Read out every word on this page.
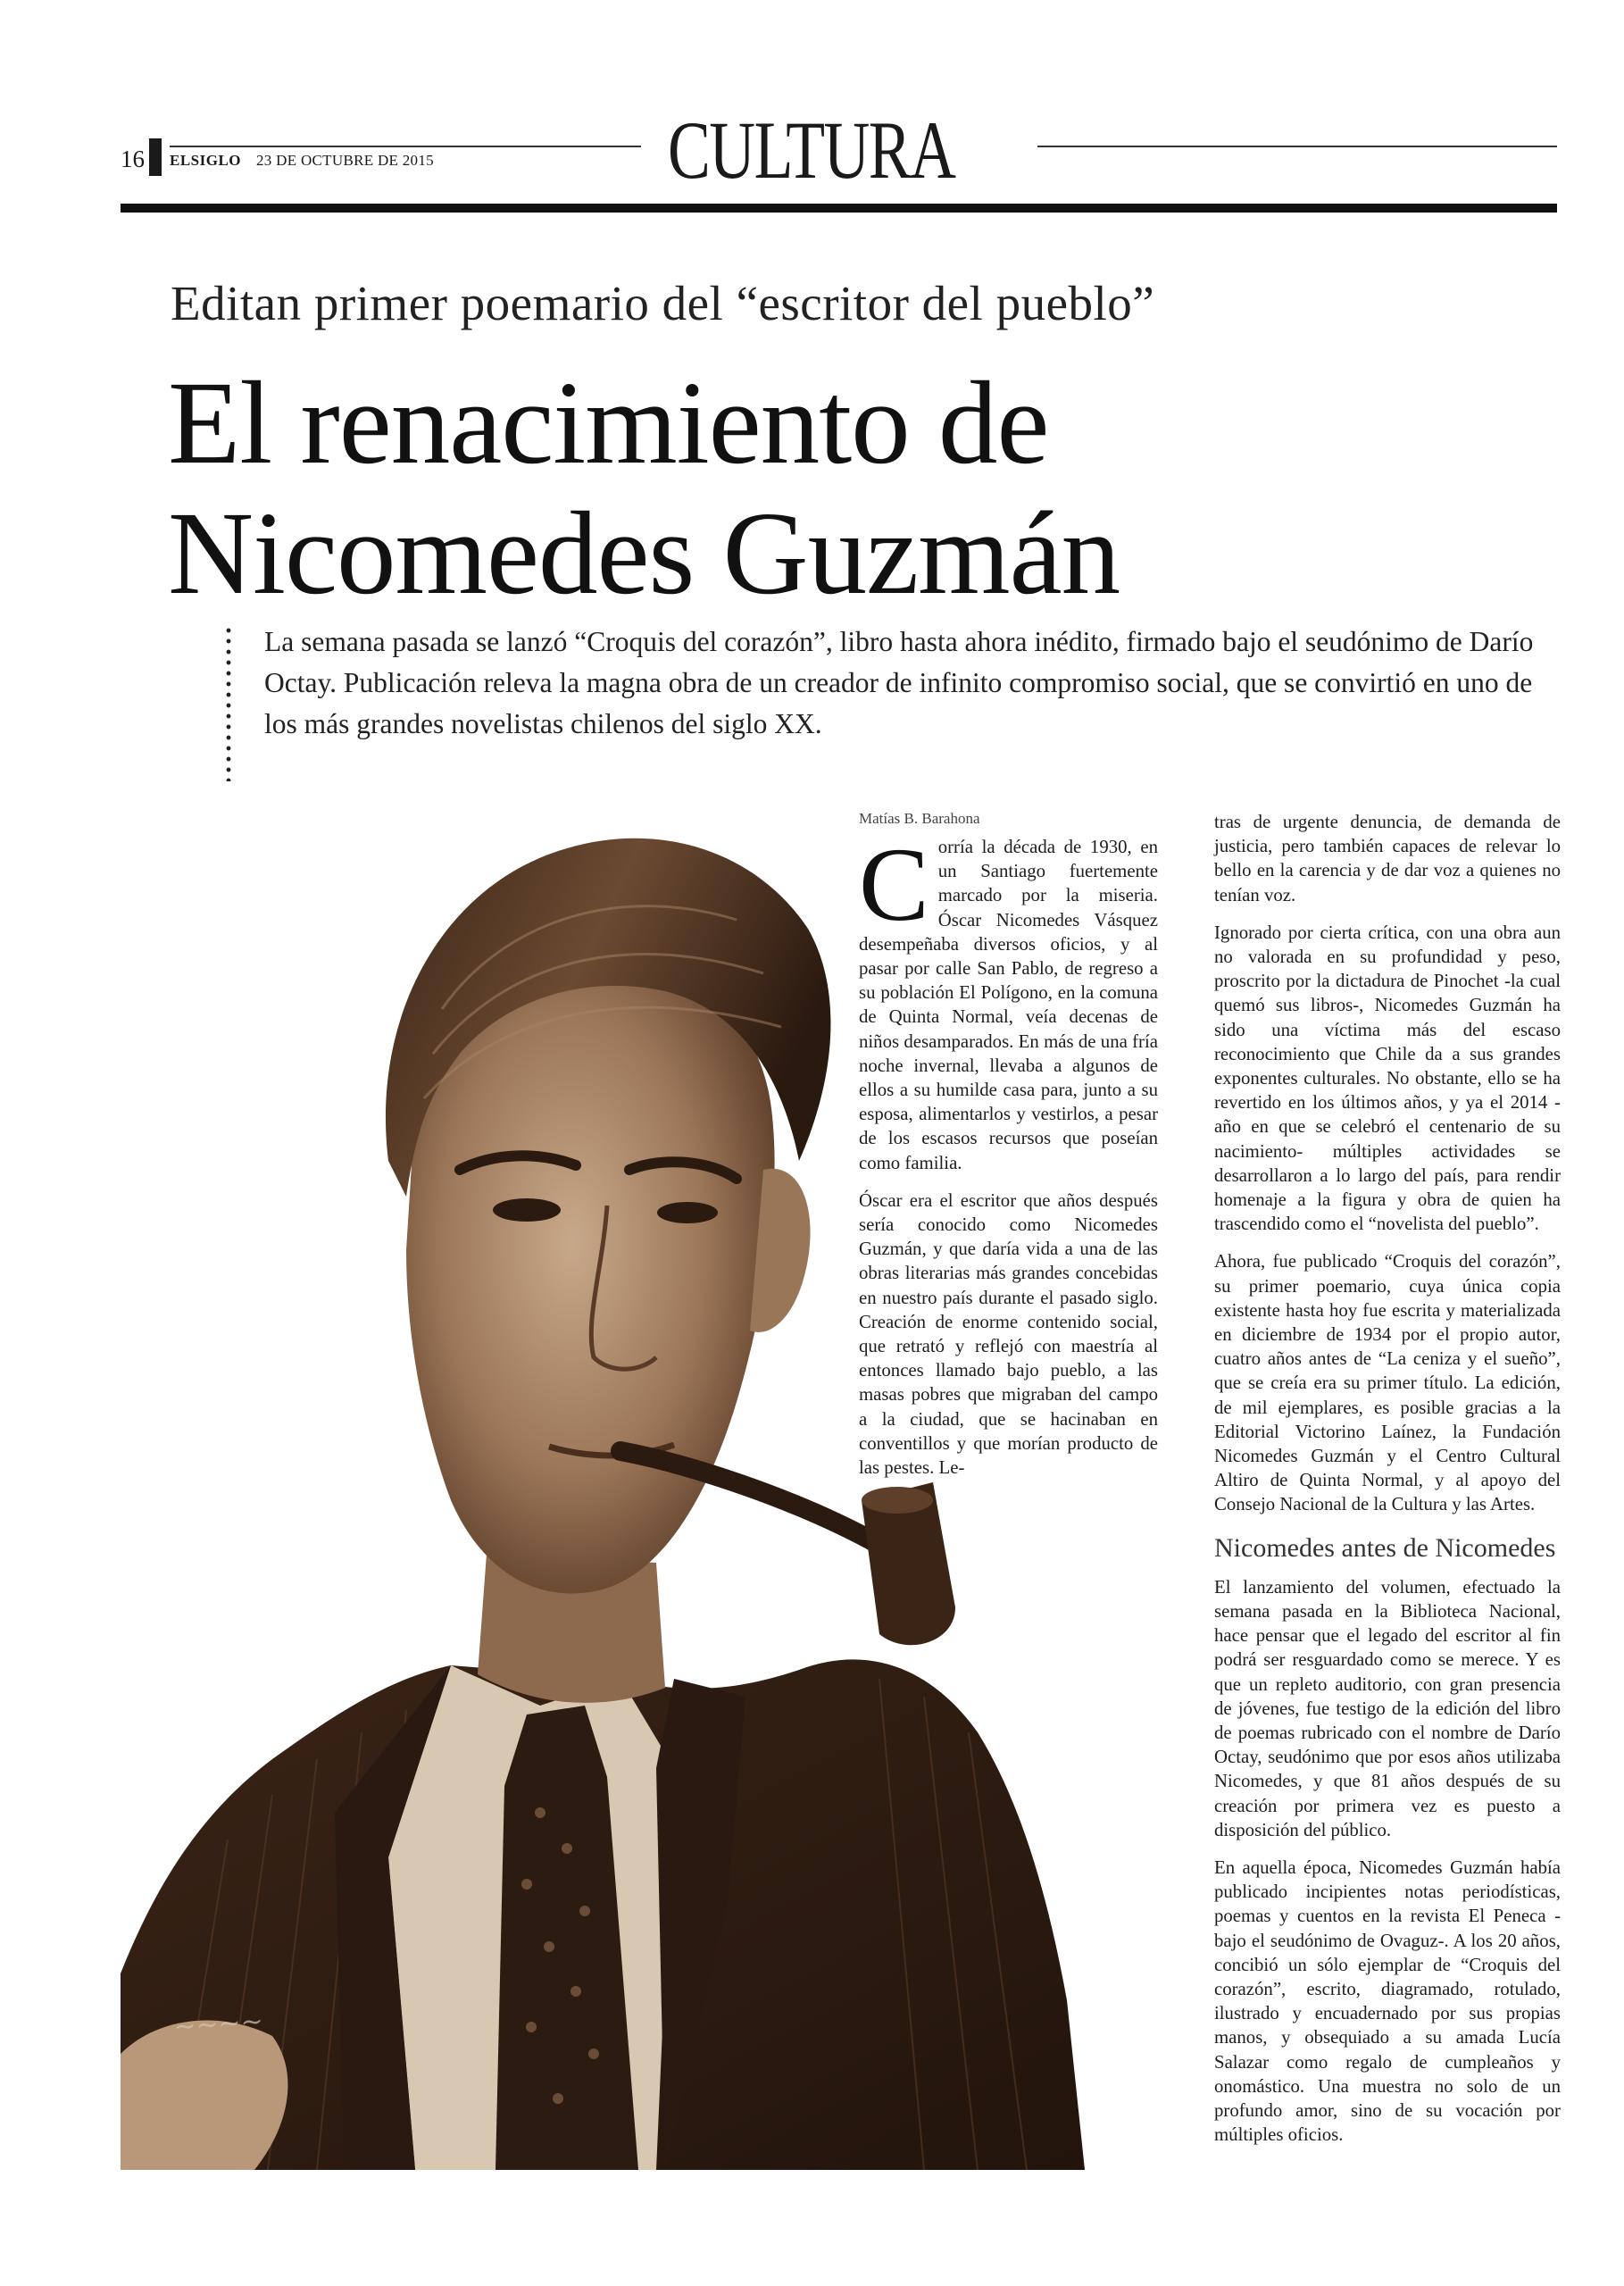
16 ELSIGLO 23 DE OCTUBRE DE 2015	CULTURA
Editan primer poemario del “escritor del pueblo”
El renacimiento de
Nicomedes Guzmán
La semana pasada se lanzó “Croquis del corazón”, libro hasta ahora inédito, firmado bajo el seudónimo de Darío Octay. Publicación releva la magna obra de un creador de infinito compromiso social, que se convirtió en uno de los más grandes novelistas chilenos del siglo XX.
~~~~
Matías B. Barahona

Corría la década de 1930, en un Santiago fuertemente marcado por la miseria. Óscar Nicomedes Vásquez desempeñaba diversos oficios, y al pasar por calle San Pablo, de regreso a su población El Polígono, en la comuna de Quinta Normal, veía decenas de niños desamparados. En más de una fría noche invernal, llevaba a algunos de ellos a su humilde casa para, junto a su esposa, alimentarlos y vestirlos, a pesar de los escasos recursos que poseían como familia.

Óscar era el escritor que años después sería conocido como Nicomedes Guzmán, y que daría vida a una de las obras literarias más grandes concebidas en nuestro país durante el pasado siglo. Creación de enorme contenido social, que retrató y reflejó con maestría al entonces llamado bajo pueblo, a las masas pobres que migraban del campo a la ciudad, que se hacinaban en conventillos y que morían producto de las pestes. Le-

tras de urgente denuncia, de demanda de justicia, pero también capaces de relevar lo bello en la carencia y de dar voz a quienes no tenían voz.

Ignorado por cierta crítica, con una obra aun no valorada en su profundidad y peso, proscrito por la dictadura de Pinochet -la cual quemó sus libros-, Nicomedes Guzmán ha sido una víctima más del escaso reconocimiento que Chile da a sus grandes exponentes culturales. No obstante, ello se ha revertido en los últimos años, y ya el 2014 -año en que se celebró el centenario de su nacimiento- múltiples actividades se desarrollaron a lo largo del país, para rendir homenaje a la figura y obra de quien ha trascendido como el “novelista del pueblo”.

Ahora, fue publicado “Croquis del corazón”, su primer poemario, cuya única copia existente hasta hoy fue escrita y materializada en diciembre de 1934 por el propio autor, cuatro años antes de “La ceniza y el sueño”, que se creía era su primer título. La edición, de mil ejemplares, es posible gracias a la Editorial Victorino Laínez, la Fundación Nicomedes Guzmán y el Centro Cultural Altiro de Quinta Normal, y al apoyo del Consejo Nacional de la Cultura y las Artes.

Nicomedes antes de Nicomedes

El lanzamiento del volumen, efectuado la semana pasada en la Biblioteca Nacional, hace pensar que el legado del escritor al fin podrá ser resguardado como se merece. Y es que un repleto auditorio, con gran presencia de jóvenes, fue testigo de la edición del libro de poemas rubricado con el nombre de Darío Octay, seudónimo que por esos años utilizaba Nicomedes, y que 81 años después de su creación por primera vez es puesto a disposición del público.

En aquella época, Nicomedes Guzmán había publicado incipientes notas periodísticas, poemas y cuentos en la revista El Peneca -bajo el seudónimo de Ovaguz-. A los 20 años, concibió un sólo ejemplar de “Croquis del corazón”, escrito, diagramado, rotulado, ilustrado y encuadernado por sus propias manos, y obsequiado a su amada Lucía Salazar como regalo de cumpleaños y onomástico. Una muestra no solo de un profundo amor, sino de su vocación por múltiples oficios.
